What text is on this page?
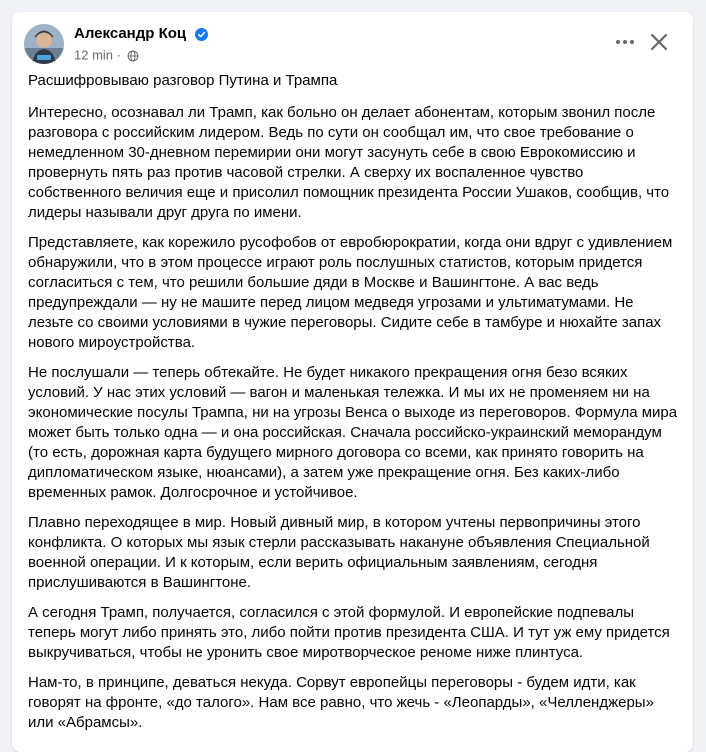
Александр Коц
12 min ·

Расшифровываю разговор Путина и Трампа

Интересно, осознавал ли Трамп, как больно он делает абонентам, которым звонил после разговора с российским лидером. Ведь по сути он сообщал им, что свое требование о немедленном 30-дневном перемирии они могут засунуть себе в свою Еврокомиссию и провернуть пять раз против часовой стрелки. А сверху их воспаленное чувство собственного величия еще и присолил помощник президента России Ушаков, сообщив, что лидеры называли друг друга по имени.

Представляете, как корежило русофобов от евробюрократии, когда они вдруг с удивлением обнаружили, что в этом процессе играют роль послушных статистов, которым придется согласиться с тем, что решили большие дяди в Москве и Вашингтоне. А вас ведь предупреждали — ну не машите перед лицом медведя угрозами и ультиматумами. Не лезьте со своими условиями в чужие переговоры. Сидите себе в тамбуре и нюхайте запах нового мироустройства.

Не послушали — теперь обтекайте. Не будет никакого прекращения огня безо всяких условий. У нас этих условий — вагон и маленькая тележка. И мы их не променяем ни на экономические посулы Трампа, ни на угрозы Венса о выходе из переговоров. Формула мира может быть только одна — и она российская. Сначала российско-украинский меморандум (то есть, дорожная карта будущего мирного договора со всеми, как принято говорить на дипломатическом языке, нюансами), а затем уже прекращение огня. Без каких-либо временных рамок. Долгосрочное и устойчивое.

Плавно переходящее в мир. Новый дивный мир, в котором учтены первопричины этого конфликта. О которых мы язык стерли рассказывать накануне объявления Специальной военной операции. И к которым, если верить официальным заявлениям, сегодня прислушиваются в Вашингтоне.

А сегодня Трамп, получается, согласился с этой формулой. И европейские подпевалы теперь могут либо принять это, либо пойти против президента США. И тут уж ему придется выкручиваться, чтобы не уронить свое миротворческое реноме ниже плинтуса.

Нам-то, в принципе, деваться некуда. Сорвут европейцы переговоры - будем идти, как говорят на фронте, «до талого». Нам все равно, что жечь - «Леопарды», «Челленджеры» или «Абрамсы».
